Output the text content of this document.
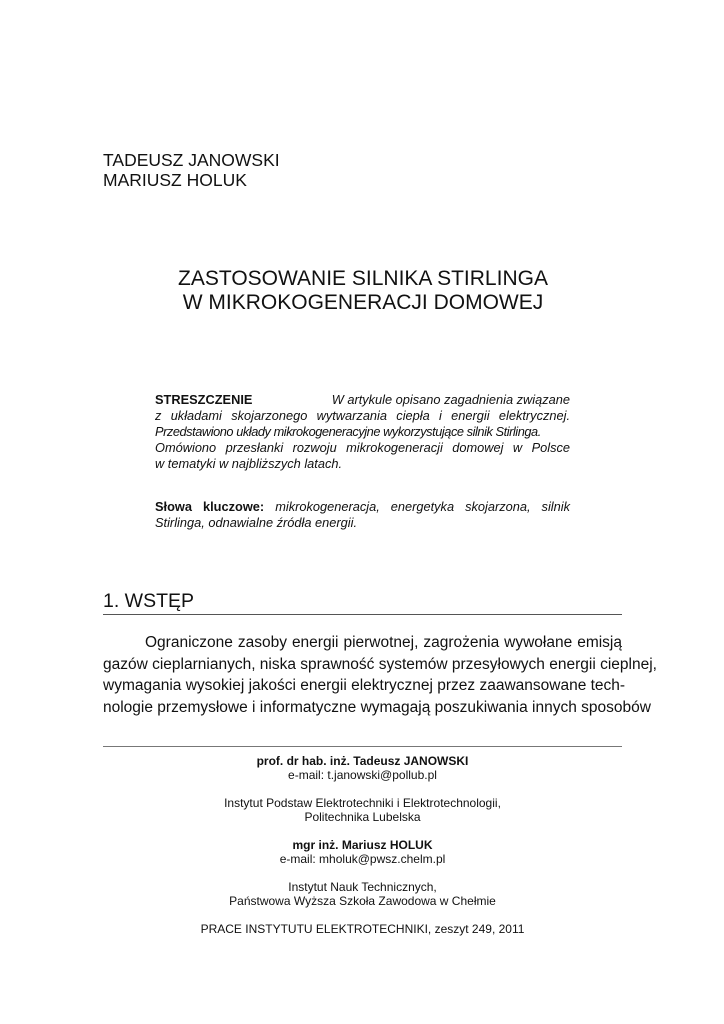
TADEUSZ JANOWSKI
MARIUSZ HOLUK
ZASTOSOWANIE SILNIKA STIRLINGA
W MIKROKOGENERACJI DOMOWEJ
STRESZCZENIE	W artykule opisano zagadnienia związane
z układami skojarzonego wytwarzania ciepła i energii elektrycznej.
Przedstawiono układy mikrokogeneracyjne wykorzystujące silnik Stirlinga.
Omówiono przesłanki rozwoju mikrokogeneracji domowej w Polsce
w tematyki w najbliższych latach.
Słowa kluczowe: mikrokogeneracja, energetyka skojarzona, silnik
Stirlinga, odnawialne źródła energii.
1. WSTĘP
Ograniczone zasoby energii pierwotnej, zagrożenia wywołane emisją
gazów cieplarnianych, niska sprawność systemów przesyłowych energii cieplnej,
wymagania wysokiej jakości energii elektrycznej przez zaawansowane tech-
nologie przemysłowe i informatyczne wymagają poszukiwania innych sposobów
prof. dr hab. inż. Tadeusz JANOWSKI
e-mail: t.janowski@pollub.pl
Instytut Podstaw Elektrotechniki i Elektrotechnologii,
Politechnika Lubelska
mgr inż. Mariusz HOLUK
e-mail: mholuk@pwsz.chelm.pl
Instytut Nauk Technicznych,
Państwowa Wyższa Szkoła Zawodowa w Chełmie
PRACE INSTYTUTU ELEKTROTECHNIKI, zeszyt 249, 2011
